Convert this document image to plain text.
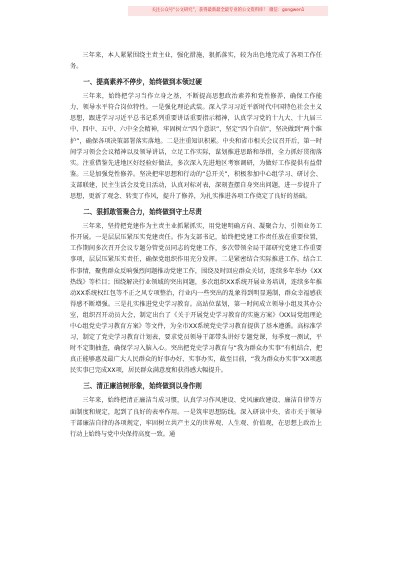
关注公众号“公文研究”，获得最新最全最专业的公文资料库！ 微信：gongwen1

三年来，本人紧紧围绕主责主业，强化措施，狠抓落实，较为出色地完成了各项工作任务。

一、提高素养不停步，始终做到本领过硬

三年来，始终把学习当作立身之基，不断提高思想政治素养和党性修养，确保工作能力、领导水平符合岗位特性。一是强化理论武装。深入学习习近平新时代中国特色社会主义思想，跟进学习习近平总书记系列重要讲话重要指示精神，认真学习党的十九大、十九届三中、四中、五中、六中全会精神，牢固树立“四个意识”，坚定“四个自信”，坚决做到“两个维护”，确保各项决策部署落实落地。二是注重知识积累。中央和省市相关会议召开后，第一时间学习领会会议精神以及领导讲话，立足工作实际，谋划推进思路和举措，全力抓好贯彻落实。注重借鉴先进地区好经验好做法，多次深入先进地区考察调研，为做好工作提供有益借鉴。三是加强党性修养。坚决把牢思想和行动的“总开关”，积极参加中心组学习、研讨会、支部联建，民主生活会及党日活动，认真对标对表，深刻查摆自身突出问题，进一步提升了思想，更新了观念、转变了作风，提升了修养，为扎实推进各项工作奠定了良好的基础。

二、狠抓敢管聚合力，始终做到守土尽责

三年来，坚持把党建作为主责主业抓紧抓实，用党建明确方向、凝聚合力、引领业务工作开展。一是层层压紧压实党建责任。作为支部书记，始终把党建工作责任放在重要位置，工作期间多次召开会议专题分管党员同志的党建工作，多次带领全局干部研究党建工作重要事项，层层压紧压实责任，确保党组织作用充分发挥。二是紧密结合实际推进工作。结合工作事情，聚焦群众反响强烈问题推动党建工作，围绕及时回应群众关切，连续多年举办《XX热线》等栏目；围绕解决行业领域的突出问题，多次组织XX系统开展业务培训，连续多年推动XX系统权红包等不正之风专项整治，行业内一些突出的乱象得到明显遏制，群众幸福感获得感不断增强。三是扎实推进党史学习教育。高站位谋划，第一时间成立领导小组及其办公室，组织召开动员大会，制定出台了《关于开展党史学习教育的实施方案》《XX局党组理论中心组党史学习教育方案》等文件，为全市XX系统党史学习教育提供了基本遵循。高标准学习，制定了党史学习教育计划表，要求党员领导干部带头讲好专题党课，每季度一测试，平时不定期抽查，确保学习入脑入心。突出把党史学习教育与“我为群众办实事”有机结合，把真正能够惠及最广大人民群众的好事办好、实事办实，截至目前，“我为群众办实事”XX项惠民实事已完成XX项，居民群众满意度和获得感大幅提升。

三、清正廉洁树形象，始终做到以身作则

三年来，始终把清正廉洁当成习惯，认真学习作风建设、党风廉政建设、廉洁自律等方面制度和规定，起到了良好的表率作用。一是筑牢思想防线。深入研读中央、省市关于领导干部廉洁自律的各项规定，牢固树立共产主义的世界观、人生观、价值观，在思想上政治上行动上始终与党中央保持高度一致。通
